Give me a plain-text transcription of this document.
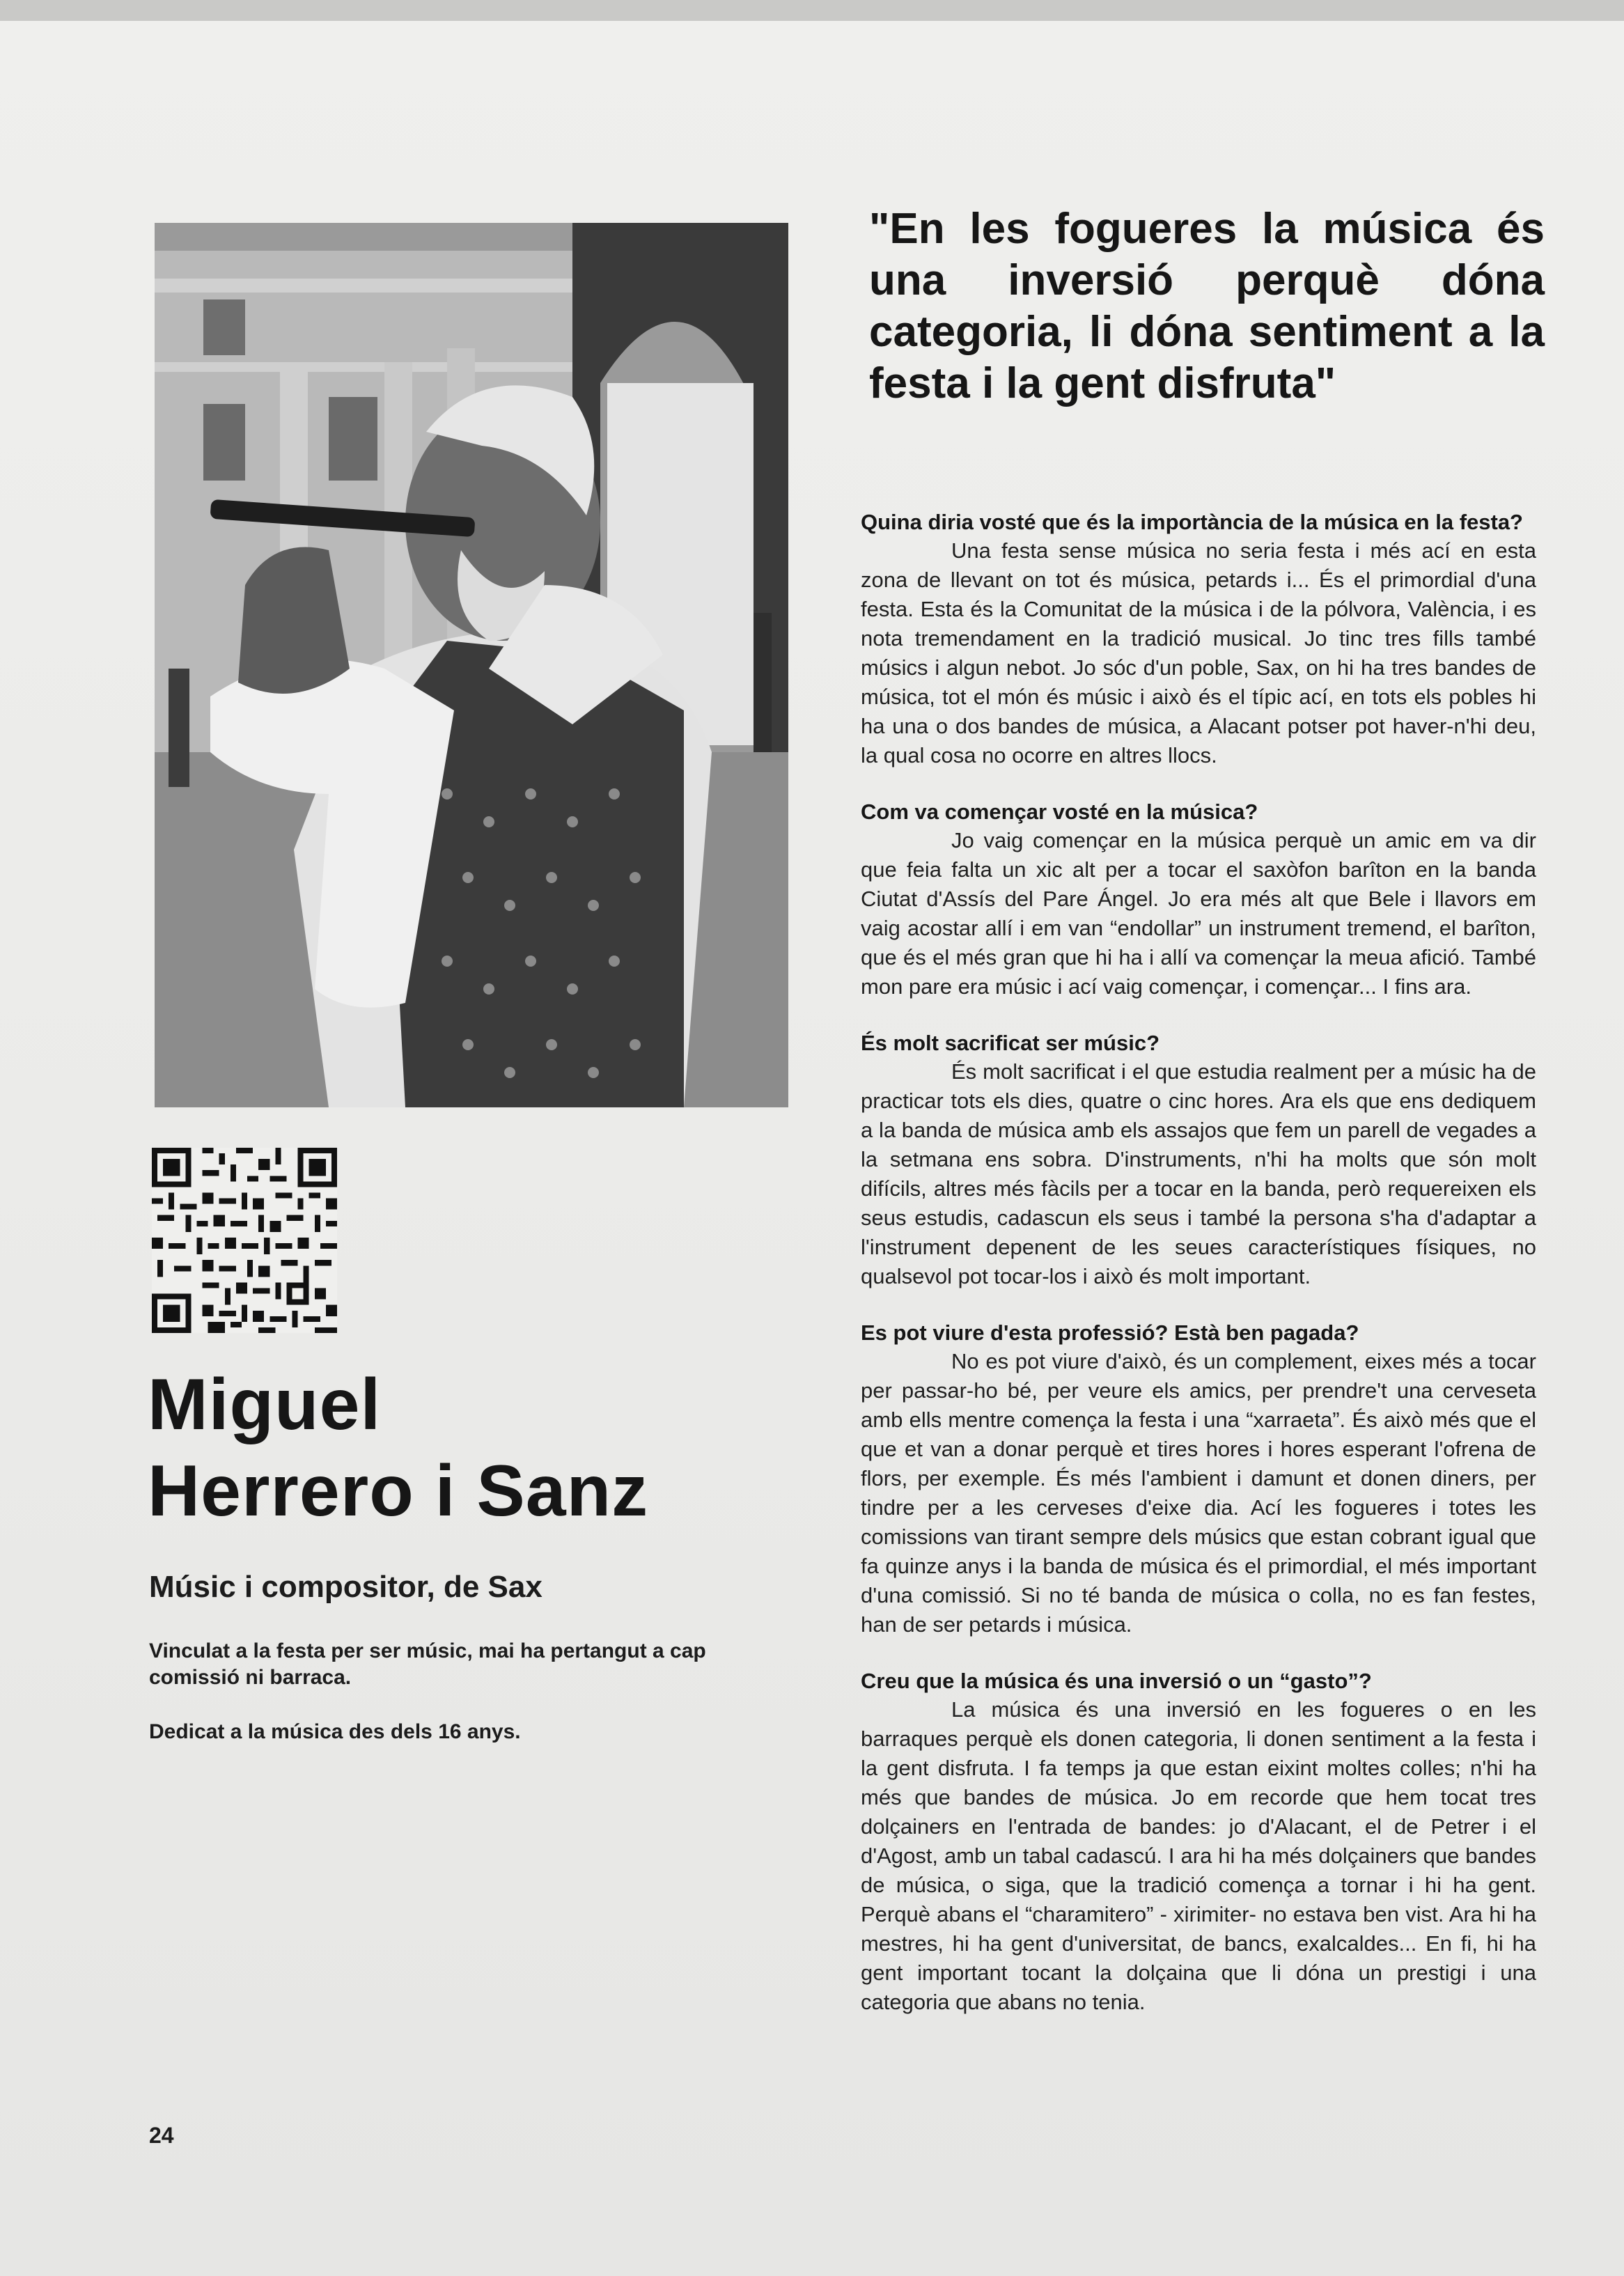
Miguel
Herrero i Sanz
Músic i compositor, de Sax

Vinculat a la festa per ser músic, mai ha pertangut a cap comissió ni barraca.

Dedicat a la música des dels 16 anys.

24
"En les fogueres la música és una inversió perquè dóna categoria, li dóna sentiment a la festa i la gent disfruta"

Quina diria vosté que és la importància de la música en la festa?

Una festa sense música no seria festa i més ací en esta zona de llevant on tot és música, petards i... És el primordial d'una festa. Esta és la Comunitat de la música i de la pólvora, València, i es nota tremendament en la tradició musical. Jo tinc tres fills també músics i algun nebot. Jo sóc d'un poble, Sax, on hi ha tres bandes de música, tot el món és músic i això és el típic ací, en tots els pobles hi ha una o dos bandes de música, a Alacant potser pot haver-n'hi deu, la qual cosa no ocorre en altres llocs.

Com va començar vosté en la música?

Jo vaig començar en la música perquè un amic em va dir que feia falta un xic alt per a tocar el saxòfon barîton en la banda Ciutat d'Assís del Pare Ángel. Jo era més alt que Bele i llavors em vaig acostar allí i em van “endollar” un instrument tremend, el barîton, que és el més gran que hi ha i allí va començar la meua afició. També mon pare era músic i ací vaig començar, i començar... I fins ara.

És molt sacrificat ser músic?

És molt sacrificat i el que estudia realment per a músic ha de practicar tots els dies, quatre o cinc hores. Ara els que ens dediquem a la banda de música amb els assajos que fem un parell de vegades a la setmana ens sobra. D'instruments, n'hi ha molts que són molt difícils, altres més fàcils per a tocar en la banda, però requereixen els seus estudis, cadascun els seus i també la persona s'ha d'adaptar a l'instrument depenent de les seues característiques físiques, no qualsevol pot tocar-los i això és molt important.

Es pot viure d'esta professió? Està ben pagada?

No es pot viure d'això, és un complement, eixes més a tocar per passar-ho bé, per veure els amics, per prendre't una cerveseta amb ells mentre comença la festa i una “xarraeta”. És això més que el que et van a donar perquè et tires hores i hores esperant l'ofrena de flors, per exemple. És més l'ambient i damunt et donen diners, per tindre per a les cerveses d'eixe dia. Ací les fogueres i totes les comissions van tirant sempre dels músics que estan cobrant igual que fa quinze anys i la banda de música és el primordial, el més important d'una comissió. Si no té banda de música o colla, no es fan festes, han de ser petards i música.

Creu que la música és una inversió o un “gasto”?

La música és una inversió en les fogueres o en les barraques perquè els donen categoria, li donen sentiment a la festa i la gent disfruta. I fa temps ja que estan eixint moltes colles; n'hi ha més que bandes de música. Jo em recorde que hem tocat tres dolçainers en l'entrada de bandes: jo d'Alacant, el de Petrer i el d'Agost, amb un tabal cadascú. I ara hi ha més dolçainers que bandes de música, o siga, que la tradició comença a tornar i hi ha gent. Perquè abans el “charamitero” - xirimiter- no estava ben vist. Ara hi ha mestres, hi ha gent d'universitat, de bancs, exalcaldes... En fi, hi ha gent important tocant la dolçaina que li dóna un prestigi i una categoria que abans no tenia.
